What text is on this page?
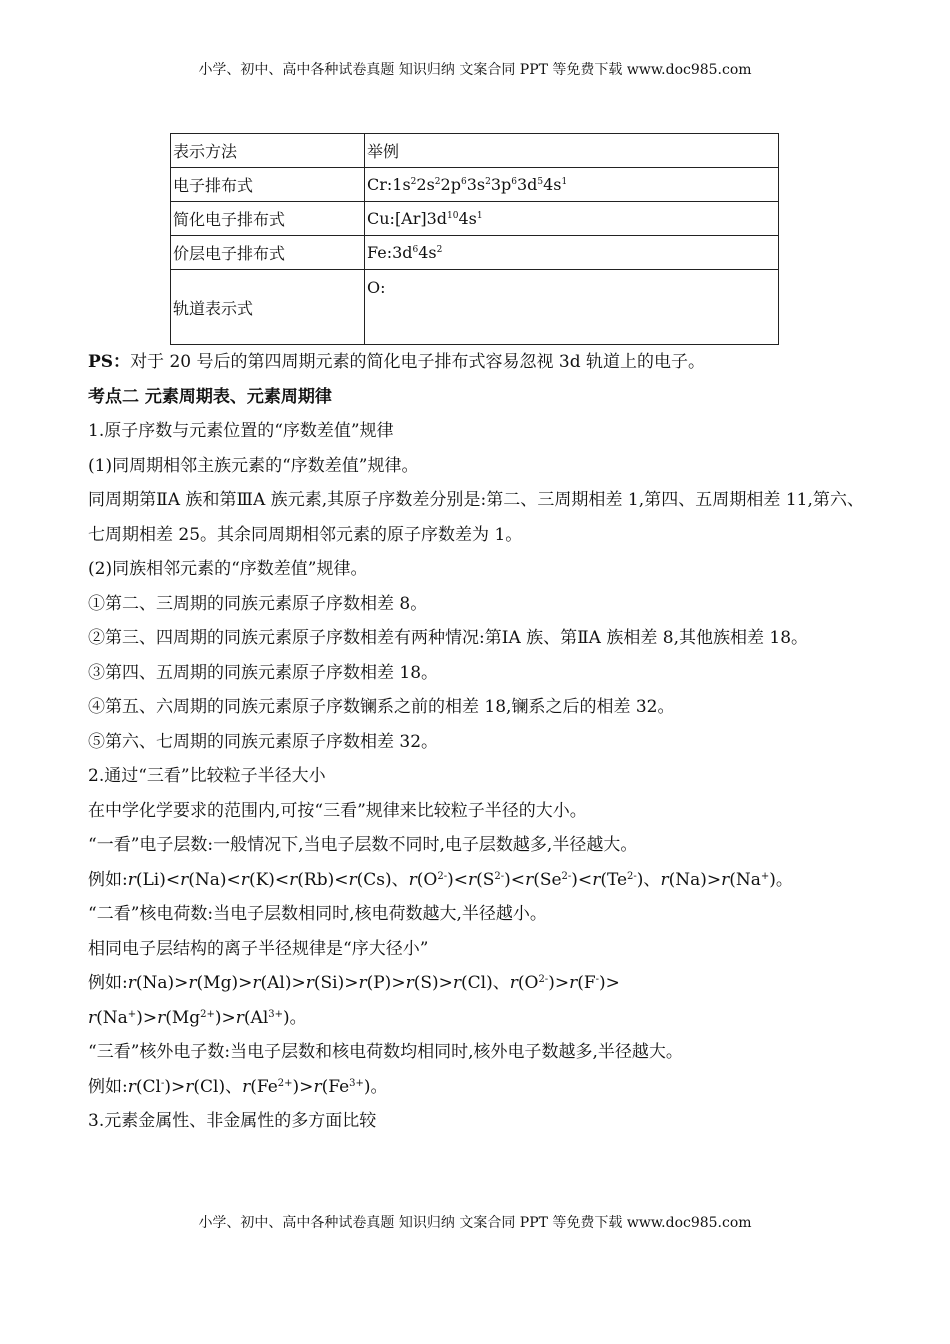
小学、初中、高中各种试卷真题 知识归纳 文案合同 PPT 等免费下载 www.doc985.com
表示方法	举例
电子排布式	$Cr:1s^22s^22p^63s^23p^63d^54s^1$
简化电子排布式	$Cu:[Ar]3d^{10}4s^1$
价层电子排布式	$Fe:3d^64s^2$
轨道表示式	O:

PS：对于 20 号后的第四周期元素的简化电子排布式容易忽视 3d 轨道上的电子。

考点二 元素周期表、元素周期律

1.原子序数与元素位置的“序数差值”规律

(1)同周期相邻主族元素的“序数差值”规律。

同周期第ⅡA 族和第ⅢA 族元素,其原子序数差分别是:第二、三周期相差 1,第四、五周期相差 11,第六、七周期相差 25。其余同周期相邻元素的原子序数差为 1。

(2)同族相邻元素的“序数差值”规律。

①第二、三周期的同族元素原子序数相差 8。

②第三、四周期的同族元素原子序数相差有两种情况:第ⅠA 族、第ⅡA 族相差 8,其他族相差 18。

③第四、五周期的同族元素原子序数相差 18。

④第五、六周期的同族元素原子序数镧系之前的相差 18,镧系之后的相差 32。

⑤第六、七周期的同族元素原子序数相差 32。

2.通过“三看”比较粒子半径大小

在中学化学要求的范围内,可按“三看”规律来比较粒子半径的大小。

“一看”电子层数:一般情况下,当电子层数不同时,电子层数越多,半径越大。

例如:r(Li)<r(Na)<r(K)<r(Rb)<r(Cs)、$r(O^{2-})<r(S^{2-})<r(Se^{2-})<r(Te^{2-})$、r(Na)>r(Na+)。

“二看”核电荷数:当电子层数相同时,核电荷数越大,半径越小。

相同电子层结构的离子半径规律是“序大径小”

例如:r(Na)>r(Mg)>r(Al)>r(Si)>r(P)>r(S)>r(Cl)、$r(O^{2-})>r(F^-)>$

$r(Na^+)>r(Mg^{2+})>r(Al^{3+})$。

“三看”核外电子数:当电子层数和核电荷数均相同时,核外电子数越多,半径越大。

例如:r(Cl-)>r(Cl)、$r(Fe^{2+})>r(Fe^{3+})$。

3.元素金属性、非金属性的多方面比较

小学、初中、高中各种试卷真题 知识归纳 文案合同 PPT 等免费下载 www.doc985.com
